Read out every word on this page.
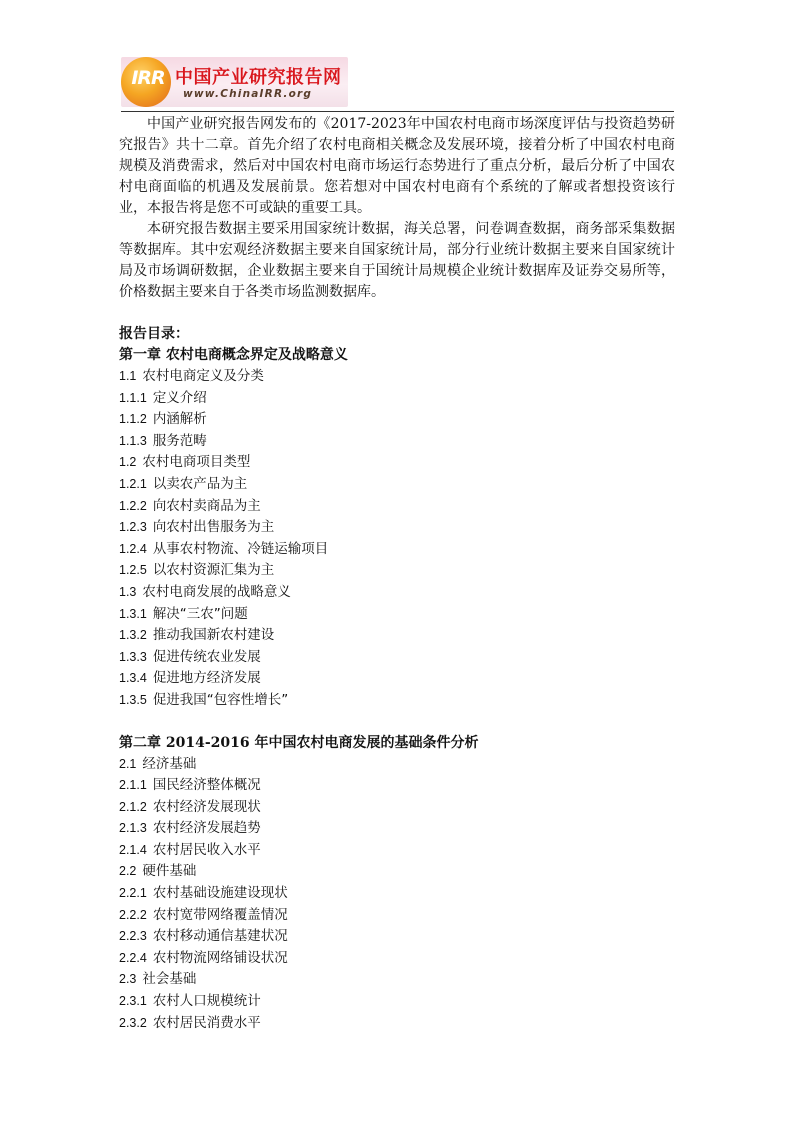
IRR 中国产业研究报告网
www.ChinaIRR.org

中国产业研究报告网发布的《2017-2023年中国农村电商市场深度评估与投资趋势研究报告》共十二章。首先介绍了农村电商相关概念及发展环境，接着分析了中国农村电商规模及消费需求，然后对中国农村电商市场运行态势进行了重点分析，最后分析了中国农村电商面临的机遇及发展前景。您若想对中国农村电商有个系统的了解或者想投资该行业，本报告将是您不可或缺的重要工具。

本研究报告数据主要采用国家统计数据，海关总署，问卷调查数据，商务部采集数据等数据库。其中宏观经济数据主要来自国家统计局，部分行业统计数据主要来自国家统计局及市场调研数据，企业数据主要来自于国统计局规模企业统计数据库及证券交易所等，价格数据主要来自于各类市场监测数据库。

报告目录：

第一章 农村电商概念界定及战略意义

1.1 农村电商定义及分类

1.1.1 定义介绍

1.1.2 内涵解析

1.1.3 服务范畴

1.2 农村电商项目类型

1.2.1 以卖农产品为主

1.2.2 向农村卖商品为主

1.2.3 向农村出售服务为主

1.2.4 从事农村物流、冷链运输项目

1.2.5 以农村资源汇集为主

1.3 农村电商发展的战略意义

1.3.1 解决“三农”问题

1.3.2 推动我国新农村建设

1.3.3 促进传统农业发展

1.3.4 促进地方经济发展

1.3.5 促进我国“包容性增长”

第二章 2014-2016 年中国农村电商发展的基础条件分析

2.1 经济基础

2.1.1 国民经济整体概况

2.1.2 农村经济发展现状

2.1.3 农村经济发展趋势

2.1.4 农村居民收入水平

2.2 硬件基础

2.2.1 农村基础设施建设现状

2.2.2 农村宽带网络覆盖情况

2.2.3 农村移动通信基建状况

2.2.4 农村物流网络铺设状况

2.3 社会基础

2.3.1 农村人口规模统计

2.3.2 农村居民消费水平
